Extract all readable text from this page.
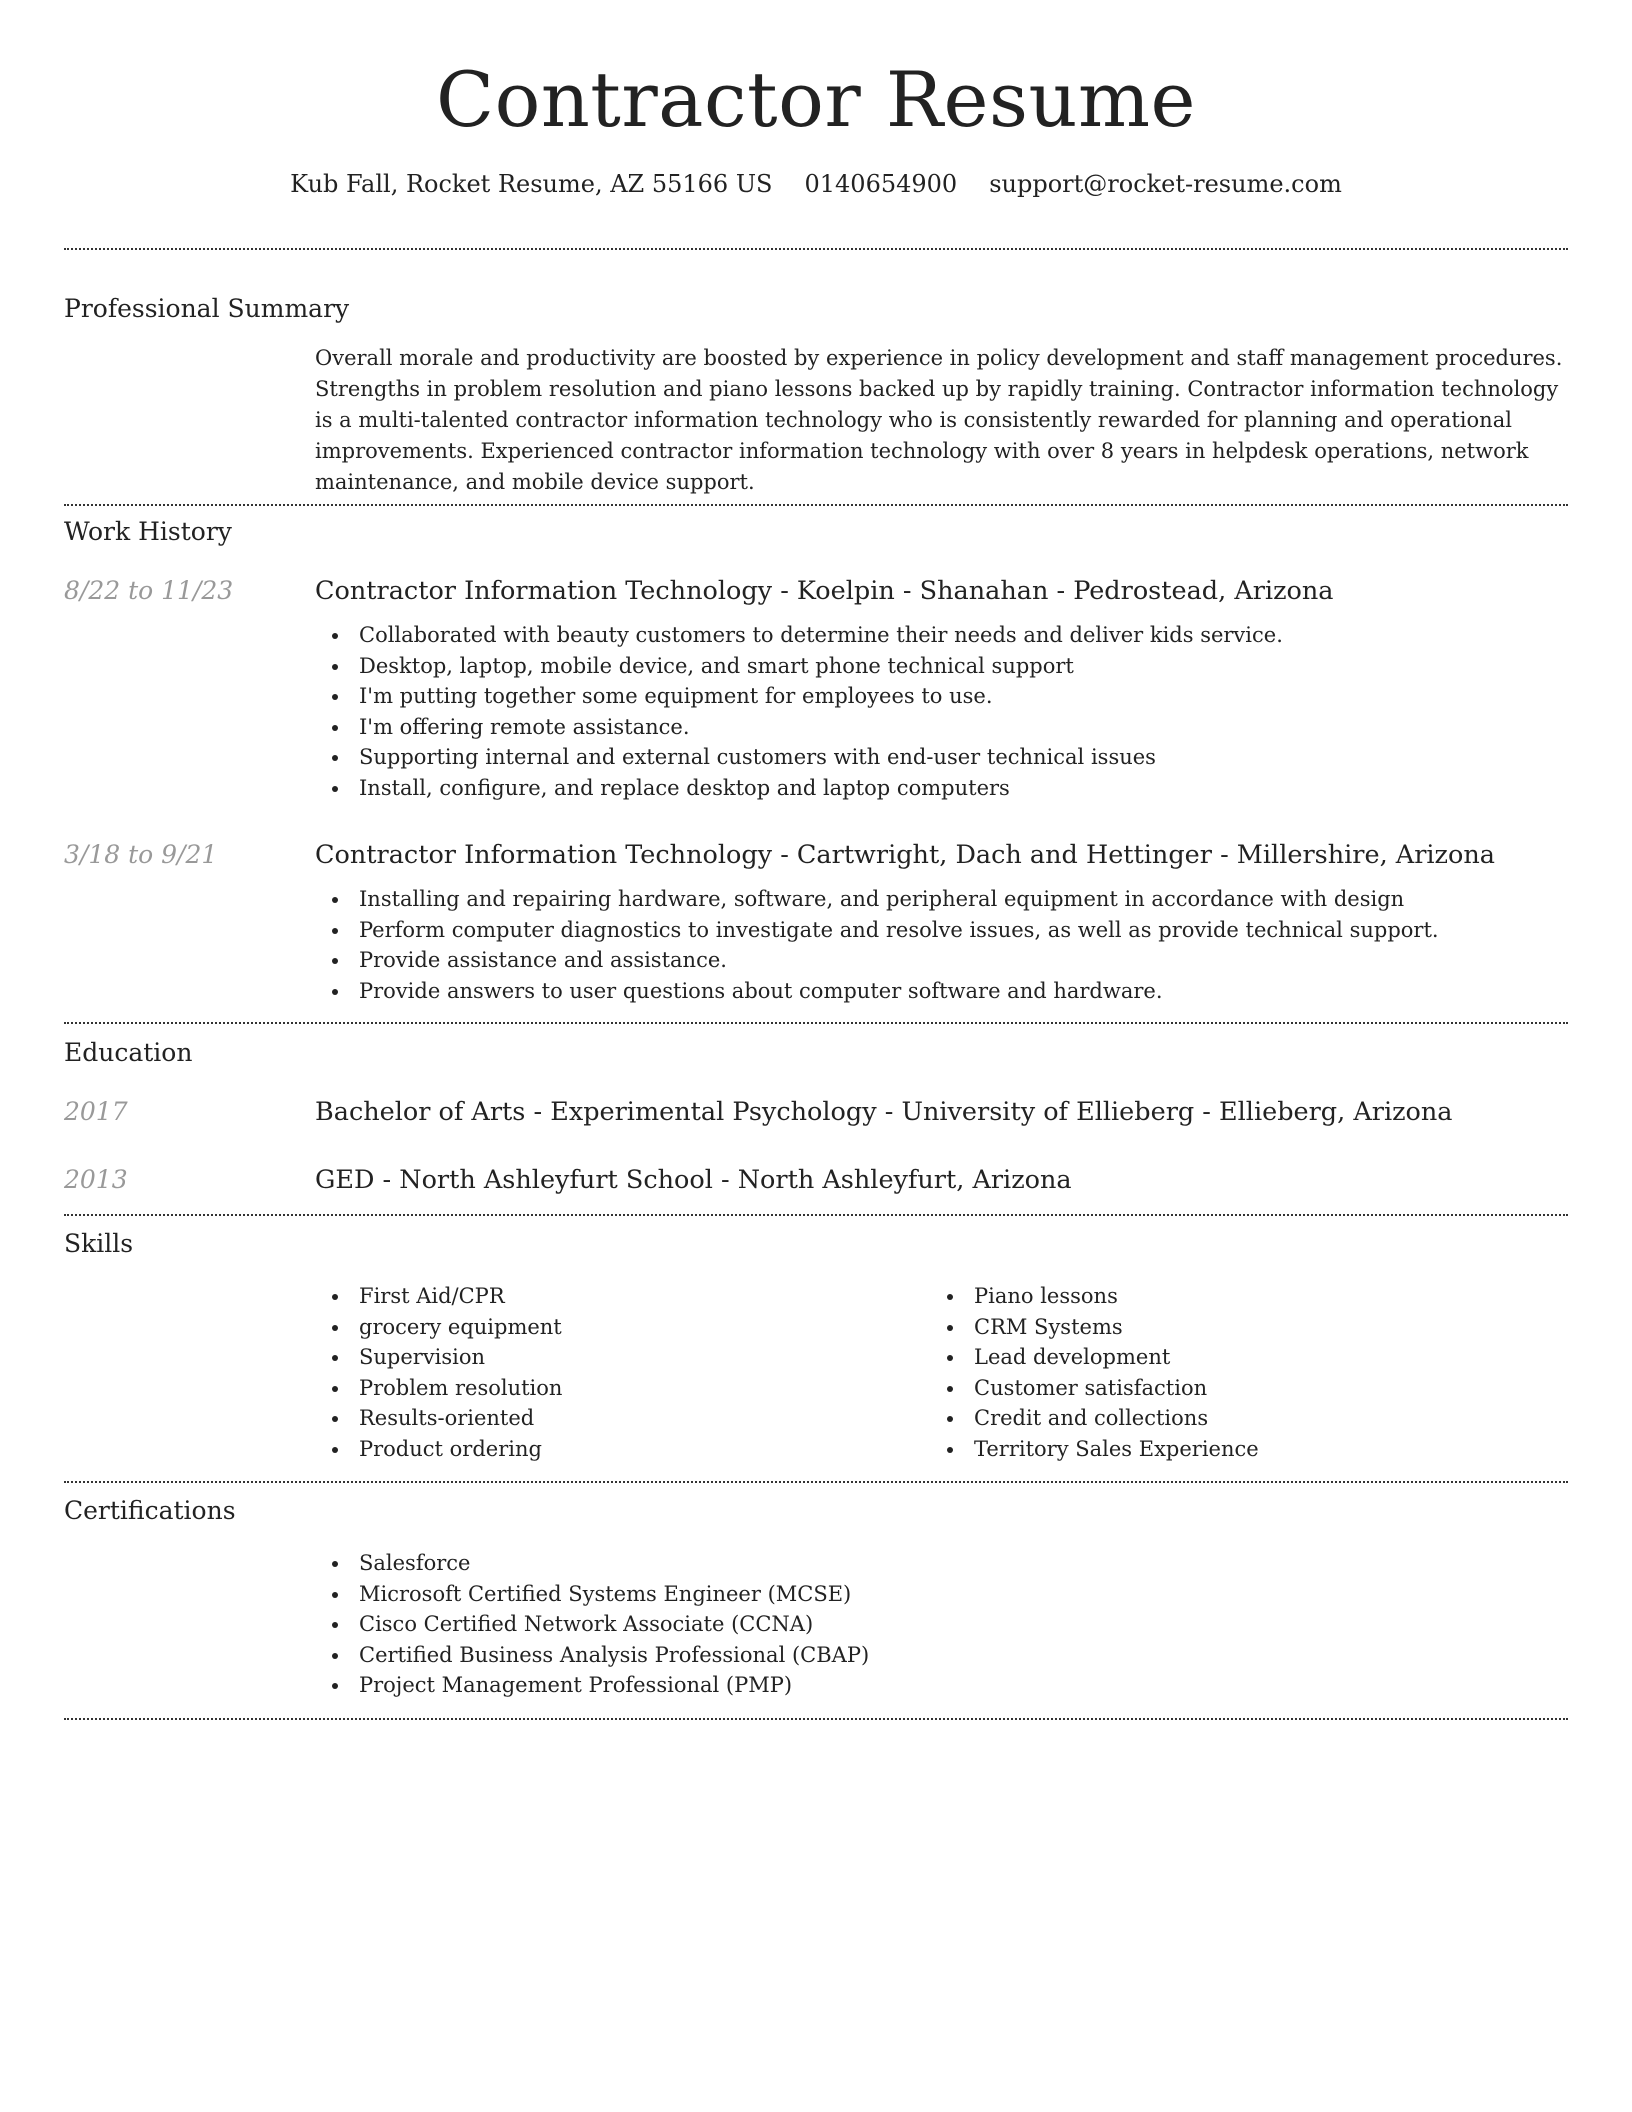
Contractor Resume
Kub Fall, Rocket Resume, AZ 55166 US 0140654900 support@rocket-resume.com
Professional Summary

Overall morale and productivity are boosted by experience in policy development and staff management procedures. Strengths in problem resolution and piano lessons backed up by rapidly training. Contractor information technology is a multi-talented contractor information technology who is consistently rewarded for planning and operational improvements. Experienced contractor information technology with over 8 years in helpdesk operations, network maintenance, and mobile device support.

Work History
8/22 to 11/23	Contractor Information Technology - Koelpin - Shanahan - Pedrostead, Arizona
Collaborated with beauty customers to determine their needs and deliver kids service.
Desktop, laptop, mobile device, and smart phone technical support
I'm putting together some equipment for employees to use.
I'm offering remote assistance.
Supporting internal and external customers with end-user technical issues
Install, configure, and replace desktop and laptop computers
3/18 to 9/21	Contractor Information Technology - Cartwright, Dach and Hettinger - Millershire, Arizona
Installing and repairing hardware, software, and peripheral equipment in accordance with design
Perform computer diagnostics to investigate and resolve issues, as well as provide technical support.
Provide assistance and assistance.
Provide answers to user questions about computer software and hardware.
Education
2017	Bachelor of Arts - Experimental Psychology - University of Ellieberg - Ellieberg, Arizona
2013	GED - North Ashleyfurt School - North Ashleyfurt, Arizona
Skills
First Aid/CPR
grocery equipment
Supervision
Problem resolution
Results-oriented
Product ordering
Piano lessons
CRM Systems
Lead development
Customer satisfaction
Credit and collections
Territory Sales Experience
Certifications
Salesforce
Microsoft Certified Systems Engineer (MCSE)
Cisco Certified Network Associate (CCNA)
Certified Business Analysis Professional (CBAP)
Project Management Professional (PMP)
